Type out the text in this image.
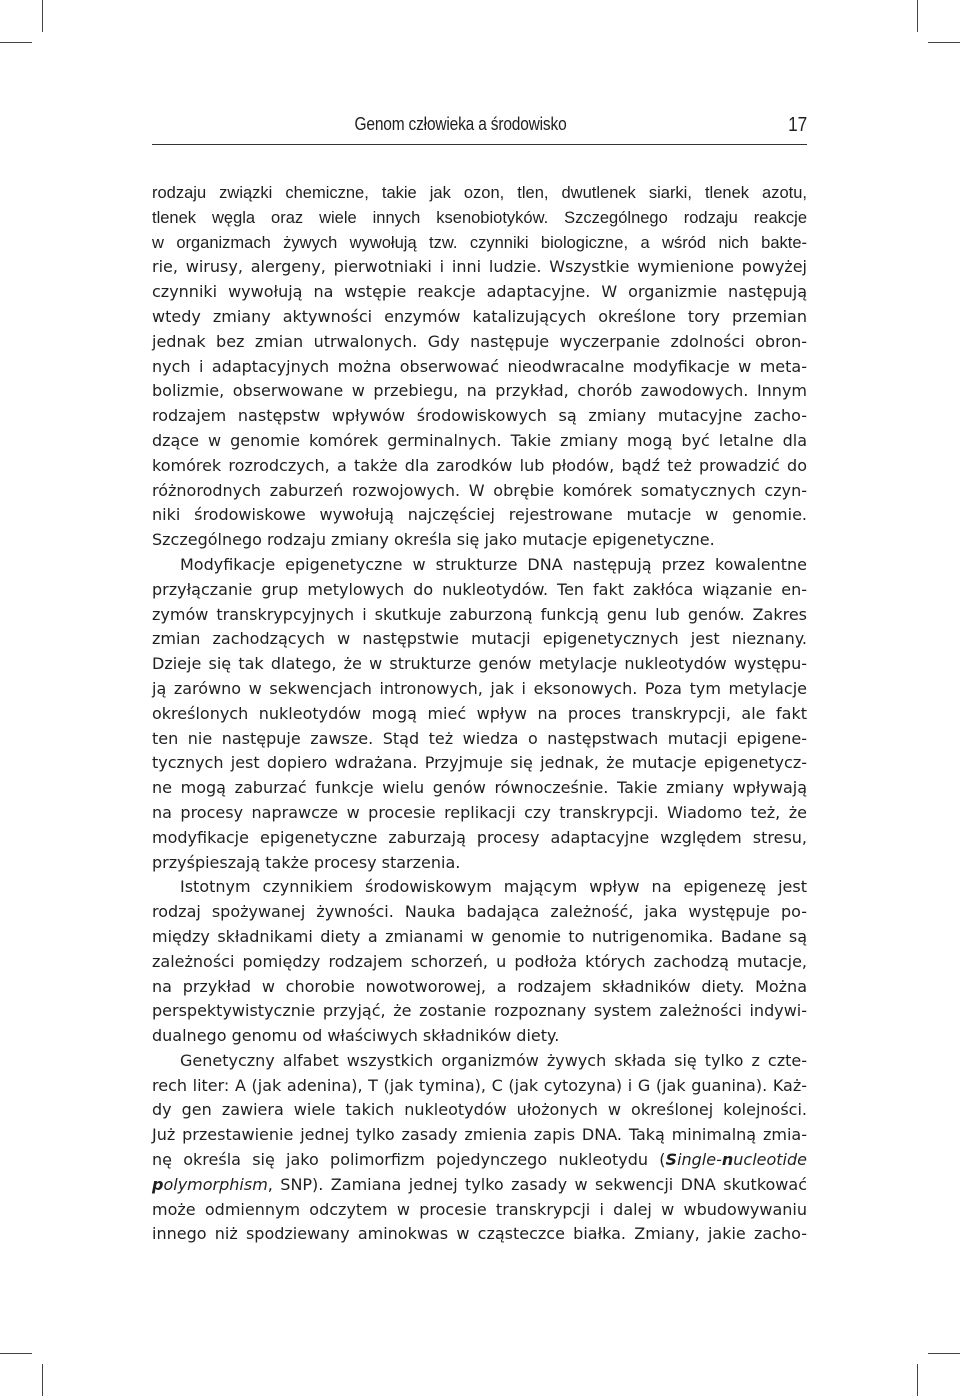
Genom człowieka a środowisko	17
rodzaju związki chemiczne, takie jak ozon, tlen, dwutlenek siarki, tlenek azotu,
tlenek węgla oraz wiele innych ksenobiotyków. Szczególnego rodzaju reakcje
w organizmach żywych wywołują tzw. czynniki biologiczne, a wśród nich bakte-
rie, wirusy, alergeny, pierwotniaki i inni ludzie. Wszystkie wymienione powyżej
czynniki wywołują na wstępie reakcje adaptacyjne. W organizmie następują
wtedy zmiany aktywności enzymów katalizujących określone tory przemian
jednak bez zmian utrwalonych. Gdy następuje wyczerpanie zdolności obron-
nych i adaptacyjnych można obserwować nieodwracalne modyfikacje w meta-
bolizmie, obserwowane w przebiegu, na przykład, chorób zawodowych. Innym
rodzajem następstw wpływów środowiskowych są zmiany mutacyjne zacho-
dzące w genomie komórek germinalnych. Takie zmiany mogą być letalne dla
komórek rozrodczych, a także dla zarodków lub płodów, bądź też prowadzić do
różnorodnych zaburzeń rozwojowych. W obrębie komórek somatycznych czyn-
niki środowiskowe wywołują najczęściej rejestrowane mutacje w genomie.
Szczególnego rodzaju zmiany określa się jako mutacje epigenetyczne.
Modyfikacje epigenetyczne w strukturze DNA następują przez kowalentne
przyłączanie grup metylowych do nukleotydów. Ten fakt zakłóca wiązanie en-
zymów transkrypcyjnych i skutkuje zaburzoną funkcją genu lub genów. Zakres
zmian zachodzących w następstwie mutacji epigenetycznych jest nieznany.
Dzieje się tak dlatego, że w strukturze genów metylacje nukleotydów występu-
ją zarówno w sekwencjach intronowych, jak i eksonowych. Poza tym metylacje
określonych nukleotydów mogą mieć wpływ na proces transkrypcji, ale fakt
ten nie następuje zawsze. Stąd też wiedza o następstwach mutacji epigene-
tycznych jest dopiero wdrażana. Przyjmuje się jednak, że mutacje epigenetycz-
ne mogą zaburzać funkcje wielu genów równocześnie. Takie zmiany wpływają
na procesy naprawcze w procesie replikacji czy transkrypcji. Wiadomo też, że
modyfikacje epigenetyczne zaburzają procesy adaptacyjne względem stresu,
przyśpieszają także procesy starzenia.
Istotnym czynnikiem środowiskowym mającym wpływ na epigenezę jest
rodzaj spożywanej żywności. Nauka badająca zależność, jaka występuje po-
między składnikami diety a zmianami w genomie to nutrigenomika. Badane są
zależności pomiędzy rodzajem schorzeń, u podłoża których zachodzą mutacje,
na przykład w chorobie nowotworowej, a rodzajem składników diety. Można
perspektywistycznie przyjąć, że zostanie rozpoznany system zależności indywi-
dualnego genomu od właściwych składników diety.
Genetyczny alfabet wszystkich organizmów żywych składa się tylko z czte-
rech liter: A (jak adenina), T (jak tymina), C (jak cytozyna) i G (jak guanina). Każ-
dy gen zawiera wiele takich nukleotydów ułożonych w określonej kolejności.
Już przestawienie jednej tylko zasady zmienia zapis DNA. Taką minimalną zmia-
nę określa się jako polimorfizm pojedynczego nukleotydu (Single-nucleotide
polymorphism, SNP). Zamiana jednej tylko zasady w sekwencji DNA skutkować
może odmiennym odczytem w procesie transkrypcji i dalej w wbudowywaniu
innego niż spodziewany aminokwas w cząsteczce białka. Zmiany, jakie zacho-
